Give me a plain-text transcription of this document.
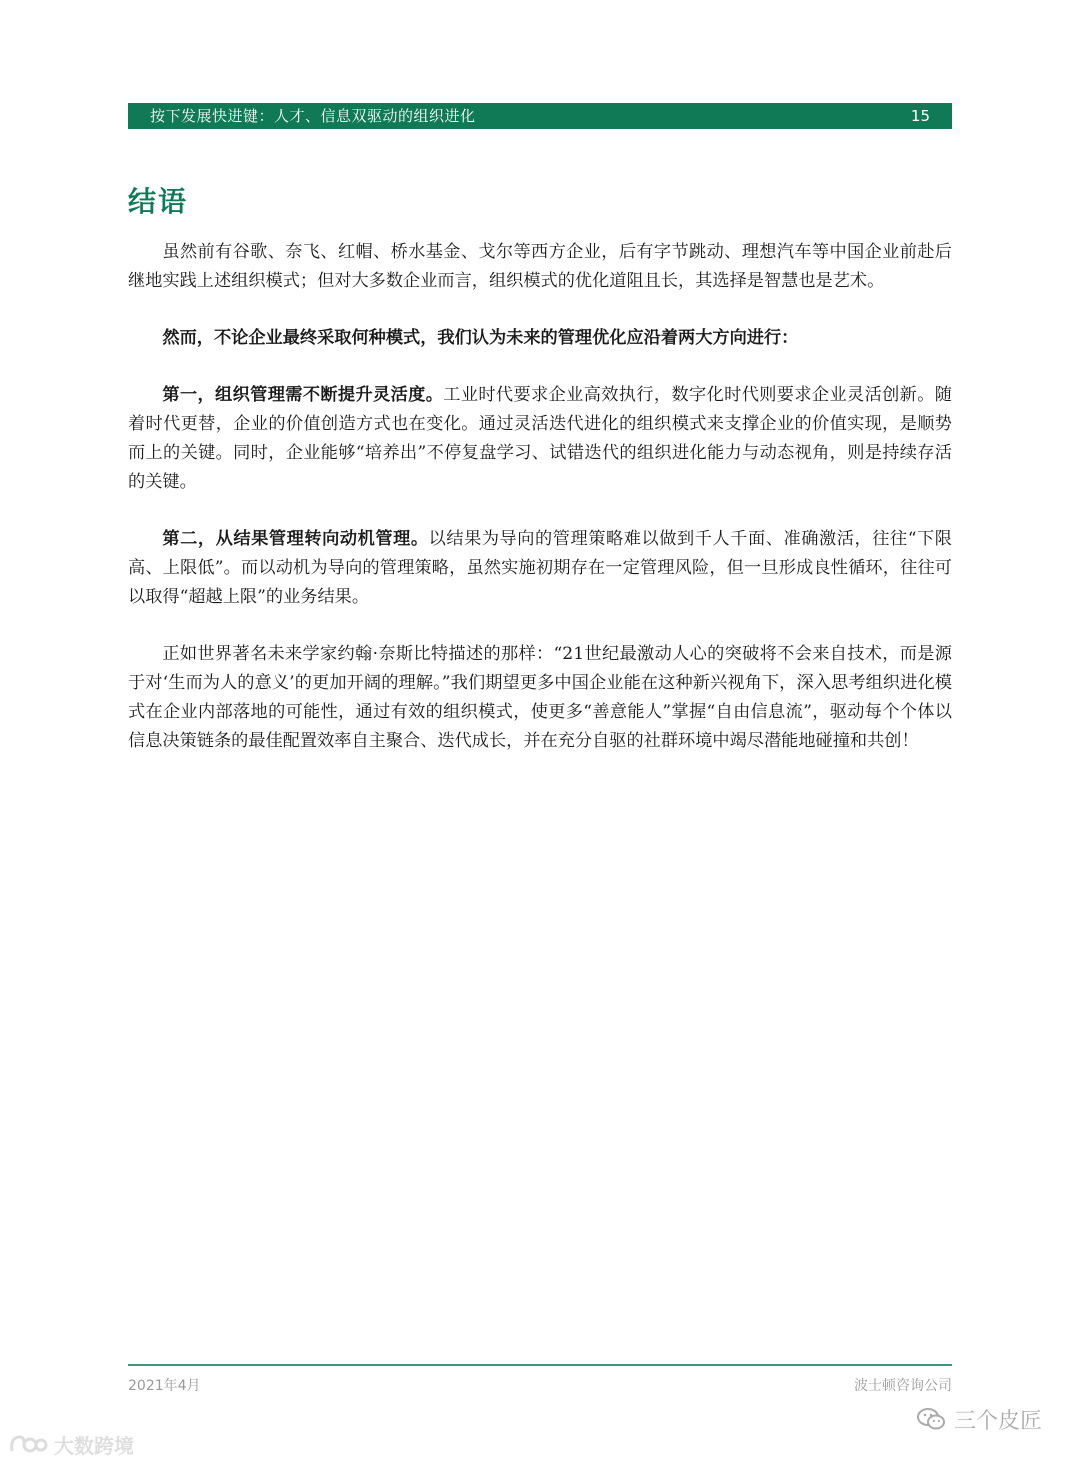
按下发展快进键：人才、信息双驱动的组织进化	15
结语

虽然前有谷歌、奈飞、红帽、桥水基金、戈尔等西方企业，后有字节跳动、理想汽车等中国企业前赴后继地实践上述组织模式；但对大多数企业而言，组织模式的优化道阻且长，其选择是智慧也是艺术。

然而，不论企业最终采取何种模式，我们认为未来的管理优化应沿着两大方向进行：

第一，组织管理需不断提升灵活度。工业时代要求企业高效执行，数字化时代则要求企业灵活创新。随着时代更替，企业的价值创造方式也在变化。通过灵活迭代进化的组织模式来支撑企业的价值实现，是顺势而上的关键。同时，企业能够“培养出”不停复盘学习、试错迭代的组织进化能力与动态视角，则是持续存活的关键。

第二，从结果管理转向动机管理。以结果为导向的管理策略难以做到千人千面、准确激活，往往“下限高、上限低”。而以动机为导向的管理策略，虽然实施初期存在一定管理风险，但一旦形成良性循环，往往可以取得“超越上限”的业务结果。

正如世界著名未来学家约翰·奈斯比特描述的那样：“21世纪最激动人心的突破将不会来自技术，而是源于对‘生而为人的意义’的更加开阔的理解。”我们期望更多中国企业能在这种新兴视角下，深入思考组织进化模式在企业内部落地的可能性，通过有效的组织模式，使更多“善意能人”掌握“自由信息流”，驱动每个个体以信息决策链条的最佳配置效率自主聚合、迭代成长，并在充分自驱的社群环境中竭尽潜能地碰撞和共创！

2021年4月	波士顿咨询公司
三个皮匠
大数跨境
